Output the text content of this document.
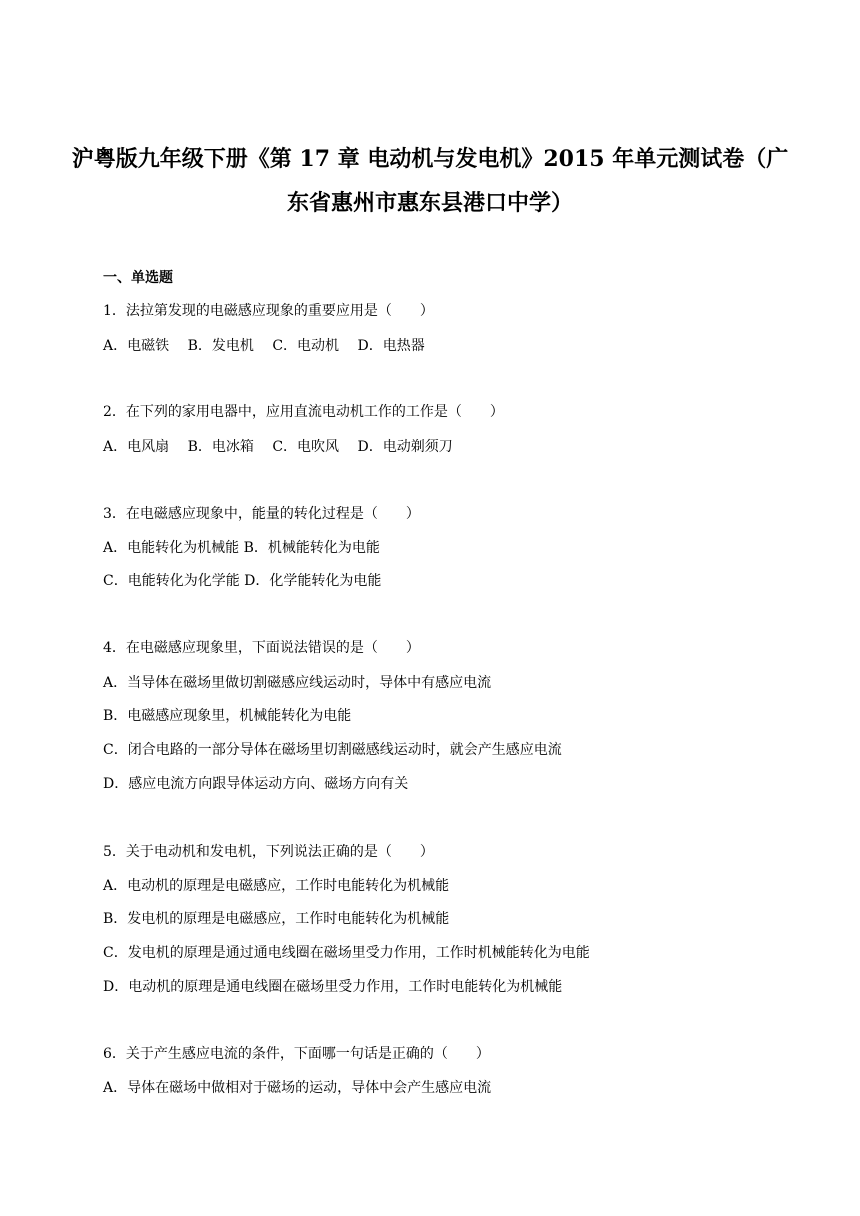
沪粤版九年级下册《第 17 章 电动机与发电机》2015 年单元测试卷（广
东省惠州市惠东县港口中学）
一、单选题
1．法拉第发现的电磁感应现象的重要应用是（　　）
A．电磁铁 B．发电机 C．电动机 D．电热器
2．在下列的家用电器中，应用直流电动机工作的工作是（　　）
A．电风扇 B．电冰箱 C．电吹风 D．电动剃须刀
3．在电磁感应现象中，能量的转化过程是（　　）
A．电能转化为机械能 B．机械能转化为电能
C．电能转化为化学能 D．化学能转化为电能
4．在电磁感应现象里，下面说法错误的是（　　）
A．当导体在磁场里做切割磁感应线运动时，导体中有感应电流
B．电磁感应现象里，机械能转化为电能
C．闭合电路的一部分导体在磁场里切割磁感线运动时，就会产生感应电流
D．感应电流方向跟导体运动方向、磁场方向有关
5．关于电动机和发电机，下列说法正确的是（　　）
A．电动机的原理是电磁感应，工作时电能转化为机械能
B．发电机的原理是电磁感应，工作时电能转化为机械能
C．发电机的原理是通过通电线圈在磁场里受力作用，工作时机械能转化为电能
D．电动机的原理是通电线圈在磁场里受力作用，工作时电能转化为机械能
6．关于产生感应电流的条件，下面哪一句话是正确的（　　）
A．导体在磁场中做相对于磁场的运动，导体中会产生感应电流
